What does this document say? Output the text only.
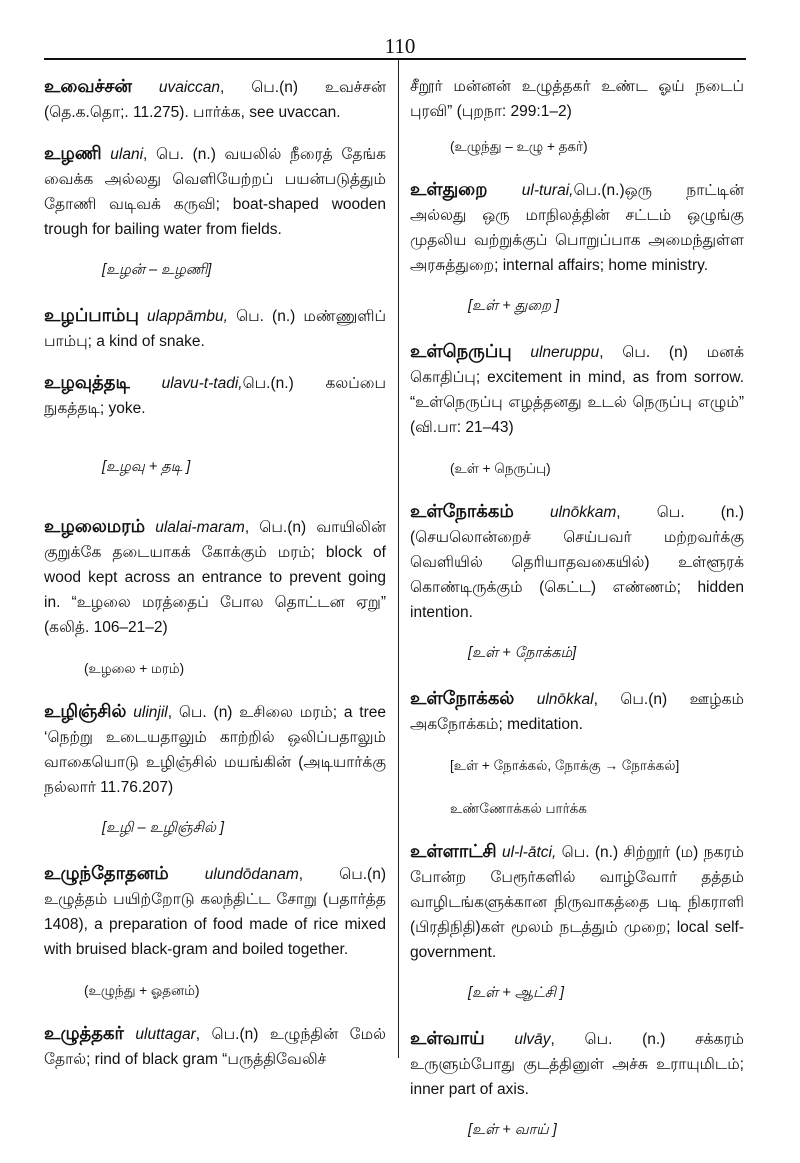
110

உவைச்சன் uvaiccan, பெ.(n) உவச்சன் (தெ.க.தொ;. 11.275). பார்க்க, see uvaccan.

உழணி ulani, பெ. (n.) வயலில் நீரைத் தேங்க வைக்க அல்லது வெளியேற்றப் பயன்படுத்தும் தோணி வடிவக் கருவி; boat-shaped wooden trough for bailing water from fields.

[உழன் – உழணி]

உழப்பாம்பு ulappāmbu, பெ. (n.) மண்ணுளிப் பாம்பு; a kind of snake.

உழவுத்தடி ulavu-t-tadi,பெ.(n.) கலப்பை நுகத்தடி; yoke.

[உழவு + தடி ]

உழலைமரம் ulalai-maram, பெ.(n) வாயிலின் குறுக்கே தடையாகக் கோக்கும் மரம்; block of wood kept across an entrance to prevent going in. “உழலை மரத்தைப் போல தொட்டன ஏறு” (கலித். 106–21–2)

(உழலை + மரம்)

உழிஞ்சில் ulinjil, பெ. (n) உசிலை மரம்; a tree ‘நெற்று உடையதாலும் காற்றில் ஒலிப்பதாலும் வாகையொடு உழிஞ்சில் மயங்கின் (அடியார்க்கு நல்லார் 11.76.207)

[உழி – உழிஞ்சில் ]

உழுந்தோதனம் ulundōdanam, பெ.(n) உழுத்தம் பயிற்றோடு கலந்திட்ட சோறு (பதார்த்த 1408), a preparation of food made of rice mixed with bruised black-gram and boiled together.

(உழுந்து + ஓதனம்)

உழுத்தகர் uluttagar, பெ.(n) உழுந்தின் மேல் தோல்; rind of black gram “பருத்திவேலிச்

சீறூர் மன்னன் உழுத்தகர் உண்ட ஓய் நடைப் புரவி” (புறநா: 299:1–2)

(உழுந்து – உழு + தகர்)

உள்துறை ul-turai,பெ.(n.)ஒரு நாட்டின் அல்லது ஒரு மாநிலத்தின் சட்டம் ஒழுங்கு முதலிய வற்றுக்குப் பொறுப்பாக அமைந்துள்ள அரசுத்துறை; internal affairs; home ministry.

[உள் + துறை ]

உள்நெருப்பு ulneruppu, பெ. (n) மனக் கொதிப்பு; excitement in mind, as from sorrow. “உள்நெருப்பு எழத்தனது உடல் நெருப்பு எழும்” (வி.பா: 21–43)

(உள் + நெருப்பு)

உள்நோக்கம் ulnōkkam, பெ. (n.) (செயலொன்றைச் செய்பவர் மற்றவர்க்கு வெளியில் தெரியாதவகையில்) உள்ளூரக் கொண்டிருக்கும் (கெட்ட) எண்ணம்; hidden intention.

[உள் + நோக்கம்]

உள்நோக்கல் ulnōkkal, பெ.(n) ஊழ்கம் அகநோக்கம்; meditation.

[உள் + நோக்கல், நோக்கு → நோக்கல்]

உண்ணோக்கல் பார்க்க

உள்ளாட்சி ul-l-ātci, பெ. (n.) சிற்றூர் (ம) நகரம் போன்ற பேரூர்களில் வாழ்வோர் தத்தம் வாழிடங்களுக்கான நிருவாகத்தை படி நிகராளி (பிரதிநிதி)கள் மூலம் நடத்தும் முறை; local self-government.

[உள் + ஆட்சி ]

உள்வாய் ulvāy, பெ. (n.) சக்கரம் உருளும்போது குடத்தினுள் அச்சு உராயுமிடம்; inner part of axis.

[உள் + வாய் ]
